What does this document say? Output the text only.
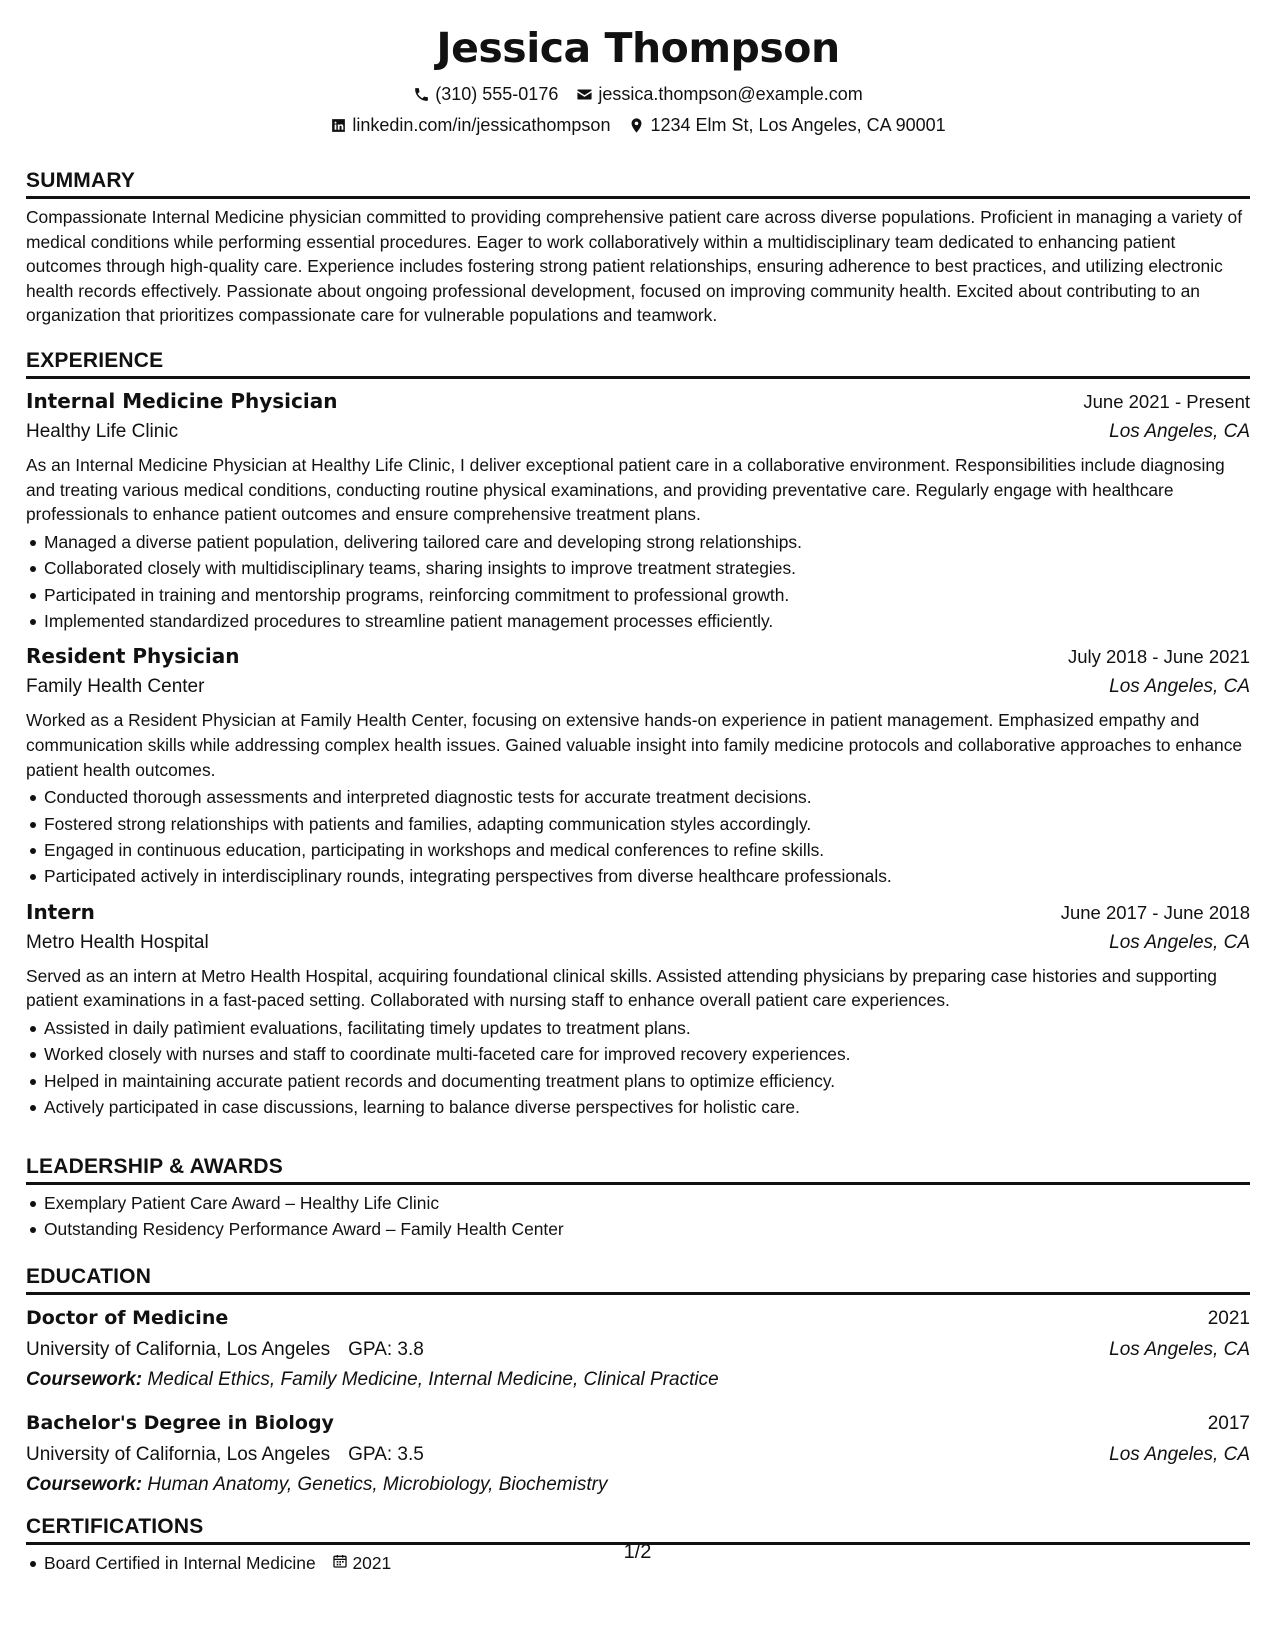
Jessica Thompson
(310) 555-0176 jessica.thompson@example.com
linkedin.com/in/jessicathompson 1234 Elm St, Los Angeles, CA 90001
SUMMARY

Compassionate Internal Medicine physician committed to providing comprehensive patient care across diverse populations. Proficient in managing a variety of medical conditions while performing essential procedures. Eager to work collaboratively within a multidisciplinary team dedicated to enhancing patient outcomes through high-quality care. Experience includes fostering strong patient relationships, ensuring adherence to best practices, and utilizing electronic health records effectively. Passionate about ongoing professional development, focused on improving community health. Excited about contributing to an organization that prioritizes compassionate care for vulnerable populations and teamwork.

EXPERIENCE
Internal Medicine Physician	June 2021 - Present
Healthy Life Clinic	Los Angeles, CA

As an Internal Medicine Physician at Healthy Life Clinic, I deliver exceptional patient care in a collaborative environment. Responsibilities include diagnosing and treating various medical conditions, conducting routine physical examinations, and providing preventative care. Regularly engage with healthcare professionals to enhance patient outcomes and ensure comprehensive treatment plans.

Managed a diverse patient population, delivering tailored care and developing strong relationships.
Collaborated closely with multidisciplinary teams, sharing insights to improve treatment strategies.
Participated in training and mentorship programs, reinforcing commitment to professional growth.
Implemented standardized procedures to streamline patient management processes efficiently.
Resident Physician	July 2018 - June 2021
Family Health Center	Los Angeles, CA

Worked as a Resident Physician at Family Health Center, focusing on extensive hands-on experience in patient management. Emphasized empathy and communication skills while addressing complex health issues. Gained valuable insight into family medicine protocols and collaborative approaches to enhance patient health outcomes.

Conducted thorough assessments and interpreted diagnostic tests for accurate treatment decisions.
Fostered strong relationships with patients and families, adapting communication styles accordingly.
Engaged in continuous education, participating in workshops and medical conferences to refine skills.
Participated actively in interdisciplinary rounds, integrating perspectives from diverse healthcare professionals.
Intern	June 2017 - June 2018
Metro Health Hospital	Los Angeles, CA

Served as an intern at Metro Health Hospital, acquiring foundational clinical skills. Assisted attending physicians by preparing case histories and supporting patient examinations in a fast-paced setting. Collaborated with nursing staff to enhance overall patient care experiences.

Assisted in daily patìmient evaluations, facilitating timely updates to treatment plans.
Worked closely with nurses and staff to coordinate multi-faceted care for improved recovery experiences.
Helped in maintaining accurate patient records and documenting treatment plans to optimize efficiency.
Actively participated in case discussions, learning to balance diverse perspectives for holistic care.
LEADERSHIP & AWARDS
Exemplary Patient Care Award – Healthy Life Clinic
Outstanding Residency Performance Award – Family Health Center
EDUCATION
Doctor of Medicine	2021
University of California, Los Angeles GPA: 3.8	Los Angeles, CA
Coursework: Medical Ethics, Family Medicine, Internal Medicine, Clinical Practice
Bachelor's Degree in Biology	2017
University of California, Los Angeles GPA: 3.5	Los Angeles, CA
Coursework: Human Anatomy, Genetics, Microbiology, Biochemistry
CERTIFICATIONS
Board Certified in Internal Medicine 2021	1/2
